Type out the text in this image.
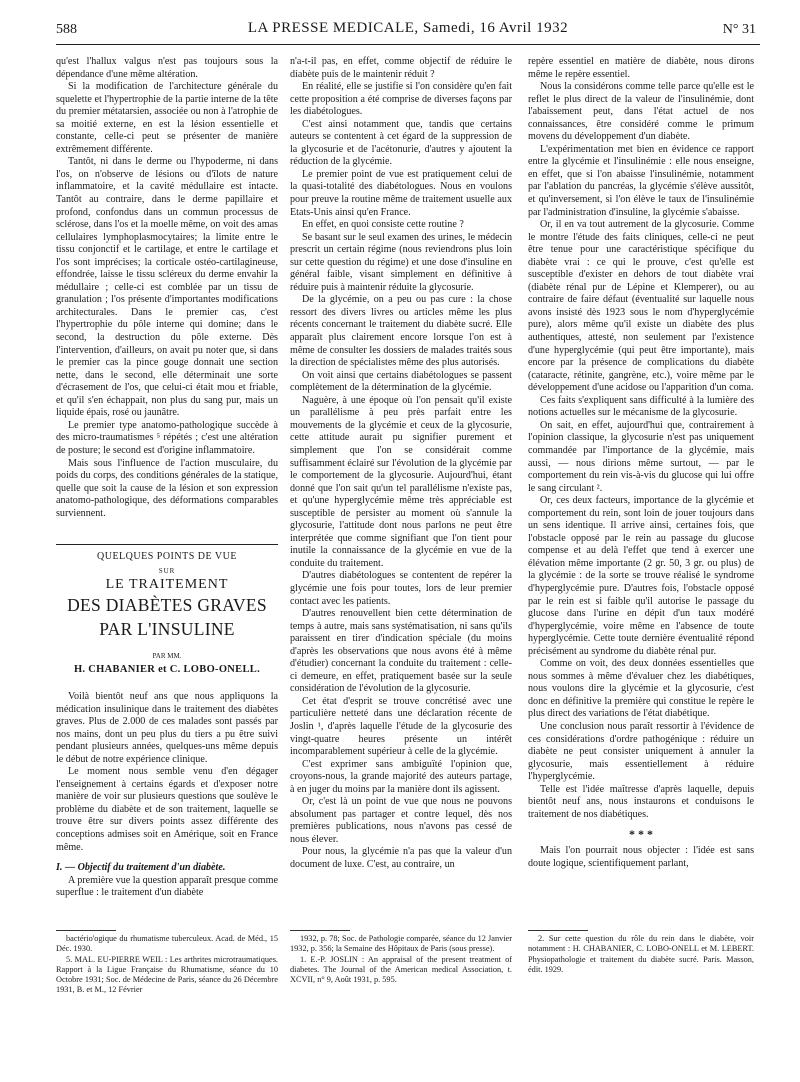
588	LA PRESSE MEDICALE, Samedi, 16 Avril 1932	N° 31

qu'est l'hallux valgus n'est pas toujours sous la dépendance d'une même altération.

Si la modification de l'architecture générale du squelette et l'hypertrophie de la partie interne de la tête du premier métatarsien, associée ou non à l'atrophie de sa moitié externe, en est la lésion essentielle et constante, celle-ci peut se présenter de manière extrêmement différente.

Tantôt, ni dans le derme ou l'hypoderme, ni dans l'os, on n'observe de lésions ou d'îlots de nature inflammatoire, et la cavité médullaire est intacte. Tantôt au contraire, dans le derme papillaire et profond, confondus dans un commun processus de sclérose, dans l'os et la moelle même, on voit des amas cellulaires lymphoplasmocytaires; la limite entre le tissu conjonctif et le cartilage, et entre le cartilage et l'os sont imprécises; la corticale ostéo-cartilagineuse, effondrée, laisse le tissu scléreux du derme envahir la médullaire ; celle-ci est comblée par un tissu de granulation ; l'os présente d'importantes modifications architecturales. Dans le premier cas, c'est l'hypertrophie du pôle interne qui domine; dans le second, la destruction du pôle externe. Dès l'intervention, d'ailleurs, on avait pu noter que, si dans le premier cas la pince gouge donnait une section nette, dans le second, elle déterminait une sorte d'écrasement de l'os, que celui-ci était mou et friable, et qu'il s'en échappait, non plus du sang pur, mais un liquide épais, rosé ou jaunâtre.

Le premier type anatomo-pathologique succède à des micro-traumatismes ⁵ répétés ; c'est une altération de posture; le second est d'origine inflammatoire.

Mais sous l'influence de l'action musculaire, du poids du corps, des conditions générales de la statique, quelle que soit la cause de la lésion et son expression anatomo-pathologique, des déformations comparables surviennent.

QUELQUES POINTS DE VUE
SUR
LE TRAITEMENT
DES DIABÈTES GRAVES
PAR L'INSULINE
PAR MM.
H. CHABANIER et C. LOBO-ONELL.

Voilà bientôt neuf ans que nous appliquons la médication insulinique dans le traitement des diabètes graves. Plus de 2.000 de ces malades sont passés par nos mains, dont un peu plus du tiers a pu être suivi pendant plusieurs années, quelques-uns même depuis le début de notre expérience clinique.

Le moment nous semble venu d'en dégager l'enseignement à certains égards et d'exposer notre manière de voir sur plusieurs questions que soulève le problème du diabète et de son traitement, laquelle se trouve être sur divers points assez différente des conceptions admises soit en Amérique, soit en France même.

I. — Objectif du traitement d'un diabète.

A première vue la question apparaît presque comme superflue : le traitement d'un diabète

n'a-t-il pas, en effet, comme objectif de réduire le diabète puis de le maintenir réduit ?

En réalité, elle se justifie si l'on considère qu'en fait cette proposition a été comprise de diverses façons par les diabétologues.

C'est ainsi notamment que, tandis que certains auteurs se contentent à cet égard de la suppression de la glycosurie et de l'acétonurie, d'autres y ajoutent la réduction de la glycémie.

Le premier point de vue est pratiquement celui de la quasi-totalité des diabétologues. Nous en voulons pour preuve la routine même de traitement usuelle aux Etats-Unis ainsi qu'en France.

En effet, en quoi consiste cette routine ?

Se basant sur le seul examen des urines, le médecin prescrit un certain régime (nous reviendrons plus loin sur cette question du régime) et une dose d'insuline en général faible, visant simplement en définitive à réduire puis à maintenir réduite la glycosurie.

De la glycémie, on a peu ou pas cure : la chose ressort des divers livres ou articles même les plus récents concernant le traitement du diabète sucré. Elle apparaît plus clairement encore lorsque l'on est à même de consulter les dossiers de malades traités sous la direction de spécialistes même des plus autorisés.

On voit ainsi que certains diabétologues se passent complètement de la détermination de la glycémie.

Naguère, à une époque où l'on pensait qu'il existe un parallélisme à peu près parfait entre les mouvements de la glycémie et ceux de la glycosurie, cette attitude aurait pu signifier purement et simplement que l'on se considérait comme suffisamment éclairé sur l'évolution de la glycémie par le comportement de la glycosurie. Aujourd'hui, étant donné que l'on sait qu'un tel parallélisme n'existe pas, et qu'une hyperglycémie même très appréciable est susceptible de persister au moment où s'annule la glycosurie, l'attitude dont nous parlons ne peut être interprétée que comme signifiant que l'on tient pour inutile la connaissance de la glycémie en vue de la conduite du traitement.

D'autres diabétologues se contentent de repérer la glycémie une fois pour toutes, lors de leur premier contact avec les patients.

D'autres renouvellent bien cette détermination de temps à autre, mais sans systématisation, ni sans qu'ils paraissent en tirer d'indication spéciale (du moins d'après les observations que nous avons été à même d'étudier) concernant la conduite du traitement : celle-ci demeure, en effet, pratiquement basée sur la seule considération de l'évolution de la glycosurie.

Cet état d'esprit se trouve concrétisé avec une particulière netteté dans une déclaration récente de Joslin ¹, d'après laquelle l'étude de la glycosurie des vingt-quatre heures présente un intérêt incomparablement supérieur à celle de la glycémie.

C'est exprimer sans ambiguïté l'opinion que, croyons-nous, la grande majorité des auteurs partage, à en juger du moins par la manière dont ils agissent.

Or, c'est là un point de vue que nous ne pouvons absolument pas partager et contre lequel, dès nos premières publications, nous n'avons pas cessé de nous élever.

Pour nous, la glycémie n'a pas que la valeur d'un document de luxe. C'est, au contraire, un

repère essentiel en matière de diabète, nous dirons même le repère essentiel.

Nous la considérons comme telle parce qu'elle est le reflet le plus direct de la valeur de l'insulinémie, dont l'abaissement peut, dans l'état actuel de nos connaissances, être considéré comme le primum movens du développement d'un diabète.

L'expérimentation met bien en évidence ce rapport entre la glycémie et l'insulinémie : elle nous enseigne, en effet, que si l'on abaisse l'insulinémie, notamment par l'ablation du pancréas, la glycémie s'élève aussitôt, et qu'inversement, si l'on élève le taux de l'insulinémie par l'administration d'insuline, la glycémie s'abaisse.

Or, il en va tout autrement de la glycosurie. Comme le montre l'étude des faits cliniques, celle-ci ne peut être tenue pour une caractéristique spécifique du diabète vrai : ce qui le prouve, c'est qu'elle est susceptible d'exister en dehors de tout diabète vrai (diabète rénal pur de Lépine et Klemperer), ou au contraire de faire défaut (éventualité sur laquelle nous avons insisté dès 1923 sous le nom d'hyperglycémie pure), alors même qu'il existe un diabète des plus authentiques, attesté, non seulement par l'existence d'une hyperglycémie (qui peut être importante), mais encore par la présence de complications du diabète (cataracte, rétinite, gangrène, etc.), voire même par le développement d'une acidose ou l'apparition d'un coma.

Ces faits s'expliquent sans difficulté à la lumière des notions actuelles sur le mécanisme de la glycosurie.

On sait, en effet, aujourd'hui que, contrairement à l'opinion classique, la glycosurie n'est pas uniquement commandée par l'importance de la glycémie, mais aussi, — nous dirions même surtout, — par le comportement du rein vis-à-vis du glucose qui lui offre le sang circulant ².

Or, ces deux facteurs, importance de la glycémie et comportement du rein, sont loin de jouer toujours dans un sens identique. Il arrive ainsi, certaines fois, que l'obstacle opposé par le rein au passage du glucose compense et au delà l'effet que tend à exercer une élévation même importante (2 gr. 50, 3 gr. ou plus) de la glycémie : de la sorte se trouve réalisé le syndrome d'hyperglycémie pure. D'autres fois, l'obstacle opposé par le rein est si faible qu'il autorise le passage du glucose dans l'urine en dépit d'un taux modéré d'hyperglycémie, voire même en l'absence de toute hyperglycémie. Cette toute dernière éventualité répond précisément au syndrome du diabète rénal pur.

Comme on voit, des deux données essentielles que nous sommes à même d'évaluer chez les diabétiques, nous voulons dire la glycémie et la glycosurie, c'est donc en définitive la première qui constitue le repère le plus direct des variations de l'état diabétique.

Une conclusion nous paraît ressortir à l'évidence de ces considérations d'ordre pathogénique : réduire un diabète ne peut consister uniquement à annuler la glycosurie, mais essentiellement à réduire l'hyperglycémie.

Telle est l'idée maîtresse d'après laquelle, depuis bientôt neuf ans, nous instaurons et conduisons le traitement de nos diabétiques.

* * *

Mais l'on pourrait nous objecter : l'idée est sans doute logique, scientifiquement parlant,

bactério'ogique du rhumatisme tuberculeux. Acad. de Méd., 15 Déc. 1930.

5. MAL. EU-PIERRE WEIL : Les arthrites microtraumatiques. Rapport à la Ligue Française du Rhumatisme, séance du 10 Octobre 1931; Soc. de Médecine de Paris, séance du 26 Décembre 1931, B. et M., 12 Février

1932, p. 78; Soc. de Pathologie comparée, séance du 12 Janvier 1932, p. 356; la Semaine des Hôpitaux de Paris (sous presse).

1. E.-P. JOSLIN : An appraisal of the present treatment of diabetes. The Journal of the American medical Association, t. XCVII, n° 9, Août 1931, p. 595.

2. Sur cette question du rôle du rein dans le diabète, voir notamment : H. CHABANIER, C. LOBO-ONELL et M. LEBERT. Physiopathologie et traitement du diabète sucré. Paris. Masson, édit. 1929.
